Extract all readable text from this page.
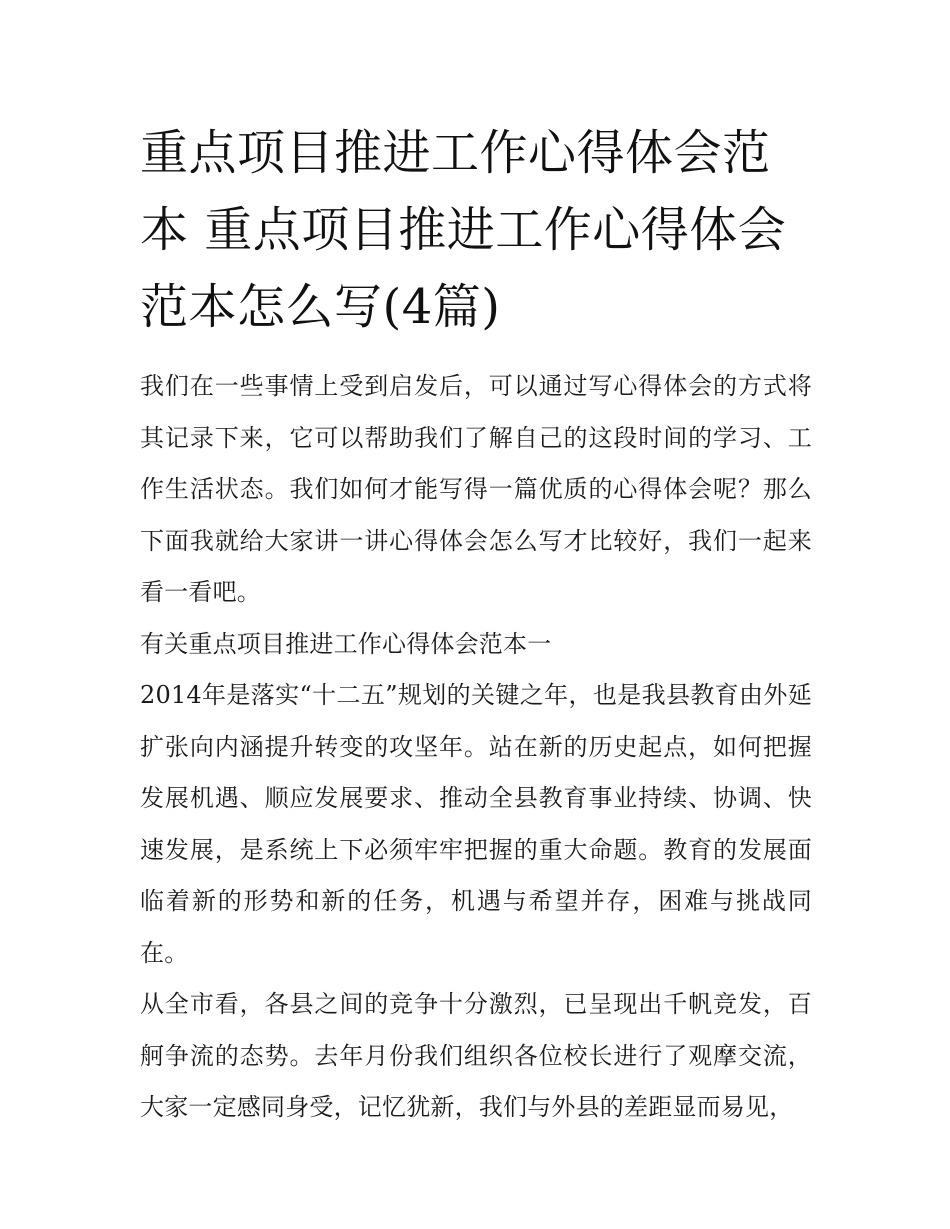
重点项目推进工作心得体会范本 重点项目推进工作心得体会范本怎么写(4篇)

我们在一些事情上受到启发后，可以通过写心得体会的方式将其记录下来，它可以帮助我们了解自己的这段时间的学习、工作生活状态。我们如何才能写得一篇优质的心得体会呢？那么下面我就给大家讲一讲心得体会怎么写才比较好，我们一起来看一看吧。

有关重点项目推进工作心得体会范本一

2014年是落实“十二五”规划的关键之年，也是我县教育由外延扩张向内涵提升转变的攻坚年。站在新的历史起点，如何把握发展机遇、顺应发展要求、推动全县教育事业持续、协调、快速发展，是系统上下必须牢牢把握的重大命题。教育的发展面临着新的形势和新的任务，机遇与希望并存，困难与挑战同在。

从全市看，各县之间的竞争十分激烈，已呈现出千帆竞发，百舸争流的态势。去年月份我们组织各位校长进行了观摩交流，大家一定感同身受，记忆犹新，我们与外县的差距显而易见，
